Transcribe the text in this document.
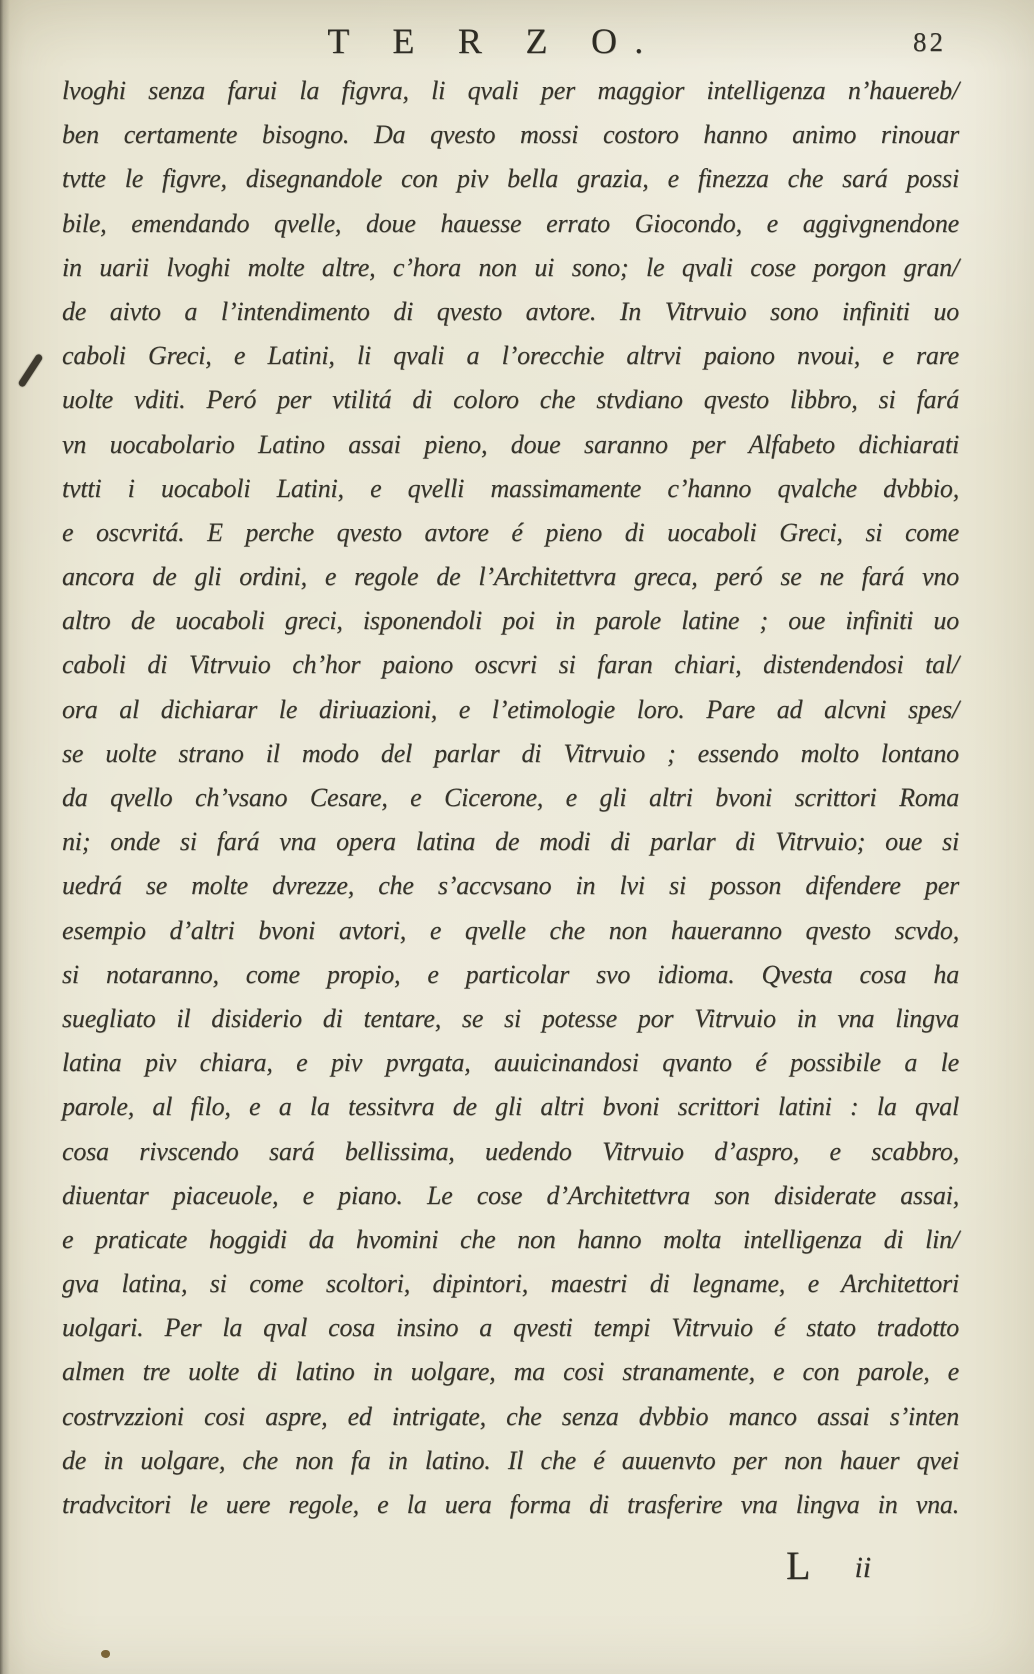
T E R Z O.	82

lvoghi senza farui la figvra, li qvali per maggior intelligenza n’hauereb/

ben certamente bisogno. Da qvesto mossi costoro hanno animo rinouar

tvtte le figvre, disegnandole con piv bella grazia, e finezza che sará possi

bile, emendando qvelle, doue hauesse errato Giocondo, e aggivgnendone

in uarii lvoghi molte altre, c’hora non ui sono; le qvali cose porgon gran/

de aivto a l’intendimento di qvesto avtore. In Vitrvuio sono infiniti uo

caboli Greci, e Latini, li qvali a l’orecchie altrvi paiono nvoui, e rare

uolte vditi. Peró per vtilitá di coloro che stvdiano qvesto libbro, si fará

vn uocabolario Latino assai pieno, doue saranno per Alfabeto dichiarati

tvtti i uocaboli Latini, e qvelli massimamente c’hanno qvalche dvbbio,

e oscvritá. E perche qvesto avtore é pieno di uocaboli Greci, si come

ancora de gli ordini, e regole de l’Architettvra greca, peró se ne fará vno

altro de uocaboli greci, isponendoli poi in parole latine ; oue infiniti uo

caboli di Vitrvuio ch’hor paiono oscvri si faran chiari, distendendosi tal/

ora al dichiarar le diriuazioni, e l’etimologie loro. Pare ad alcvni spes/

se uolte strano il modo del parlar di Vitrvuio ; essendo molto lontano

da qvello ch’vsano Cesare, e Cicerone, e gli altri bvoni scrittori Roma

ni; onde si fará vna opera latina de modi di parlar di Vitrvuio; oue si

uedrá se molte dvrezze, che s’accvsano in lvi si posson difendere per

esempio d’altri bvoni avtori, e qvelle che non haueranno qvesto scvdo,

si notaranno, come propio, e particolar svo idioma. Qvesta cosa ha

suegliato il disiderio di tentare, se si potesse por Vitrvuio in vna lingva

latina piv chiara, e piv pvrgata, auuicinandosi qvanto é possibile a le

parole, al filo, e a la tessitvra de gli altri bvoni scrittori latini : la qval

cosa rivscendo sará bellissima, uedendo Vitrvuio d’aspro, e scabbro,

diuentar piaceuole, e piano. Le cose d’Architettvra son disiderate assai,

e praticate hoggidi da hvomini che non hanno molta intelligenza di lin/

gva latina, si come scoltori, dipintori, maestri di legname, e Architettori

uolgari. Per la qval cosa insino a qvesti tempi Vitrvuio é stato tradotto

almen tre uolte di latino in uolgare, ma cosi stranamente, e con parole, e

costrvzzioni cosi aspre, ed intrigate, che senza dvbbio manco assai s’inten

de in uolgare, che non fa in latino. Il che é auuenvto per non hauer qvei

tradvcitori le uere regole, e la uera forma di trasferire vna lingva in vna.

L ii
